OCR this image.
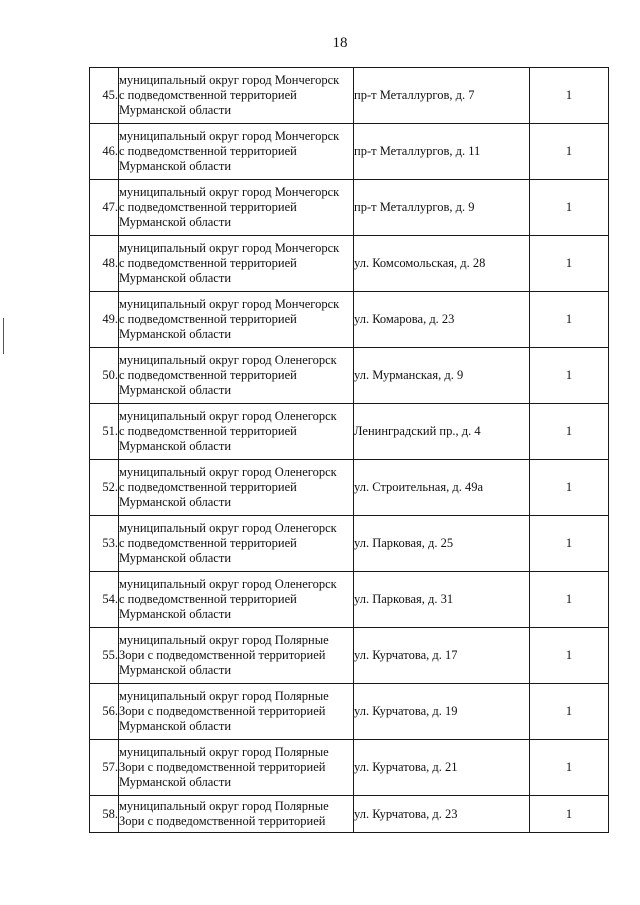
18
45.	муниципальный округ город Мончегорск
с подведомственной территорией
Мурманской области	пр-т Металлургов, д. 7	1
46.	муниципальный округ город Мончегорск
с подведомственной территорией
Мурманской области	пр-т Металлургов, д. 11	1
47.	муниципальный округ город Мончегорск
с подведомственной территорией
Мурманской области	пр-т Металлургов, д. 9	1
48.	муниципальный округ город Мончегорск
с подведомственной территорией
Мурманской области	ул. Комсомольская, д. 28	1
49.	муниципальный округ город Мончегорск
с подведомственной территорией
Мурманской области	ул. Комарова, д. 23	1
50.	муниципальный округ город Оленегорск
с подведомственной территорией
Мурманской области	ул. Мурманская, д. 9	1
51.	муниципальный округ город Оленегорск
с подведомственной территорией
Мурманской области	Ленинградский пр., д. 4	1
52.	муниципальный округ город Оленегорск
с подведомственной территорией
Мурманской области	ул. Строительная, д. 49а	1
53.	муниципальный округ город Оленегорск
с подведомственной территорией
Мурманской области	ул. Парковая, д. 25	1
54.	муниципальный округ город Оленегорск
с подведомственной территорией
Мурманской области	ул. Парковая, д. 31	1
55.	муниципальный округ город Полярные
Зори с подведомственной территорией
Мурманской области	ул. Курчатова, д. 17	1
56.	муниципальный округ город Полярные
Зори с подведомственной территорией
Мурманской области	ул. Курчатова, д. 19	1
57.	муниципальный округ город Полярные
Зори с подведомственной территорией
Мурманской области	ул. Курчатова, д. 21	1
58.	муниципальный округ город Полярные
Зори с подведомственной территорией	ул. Курчатова, д. 23	1
